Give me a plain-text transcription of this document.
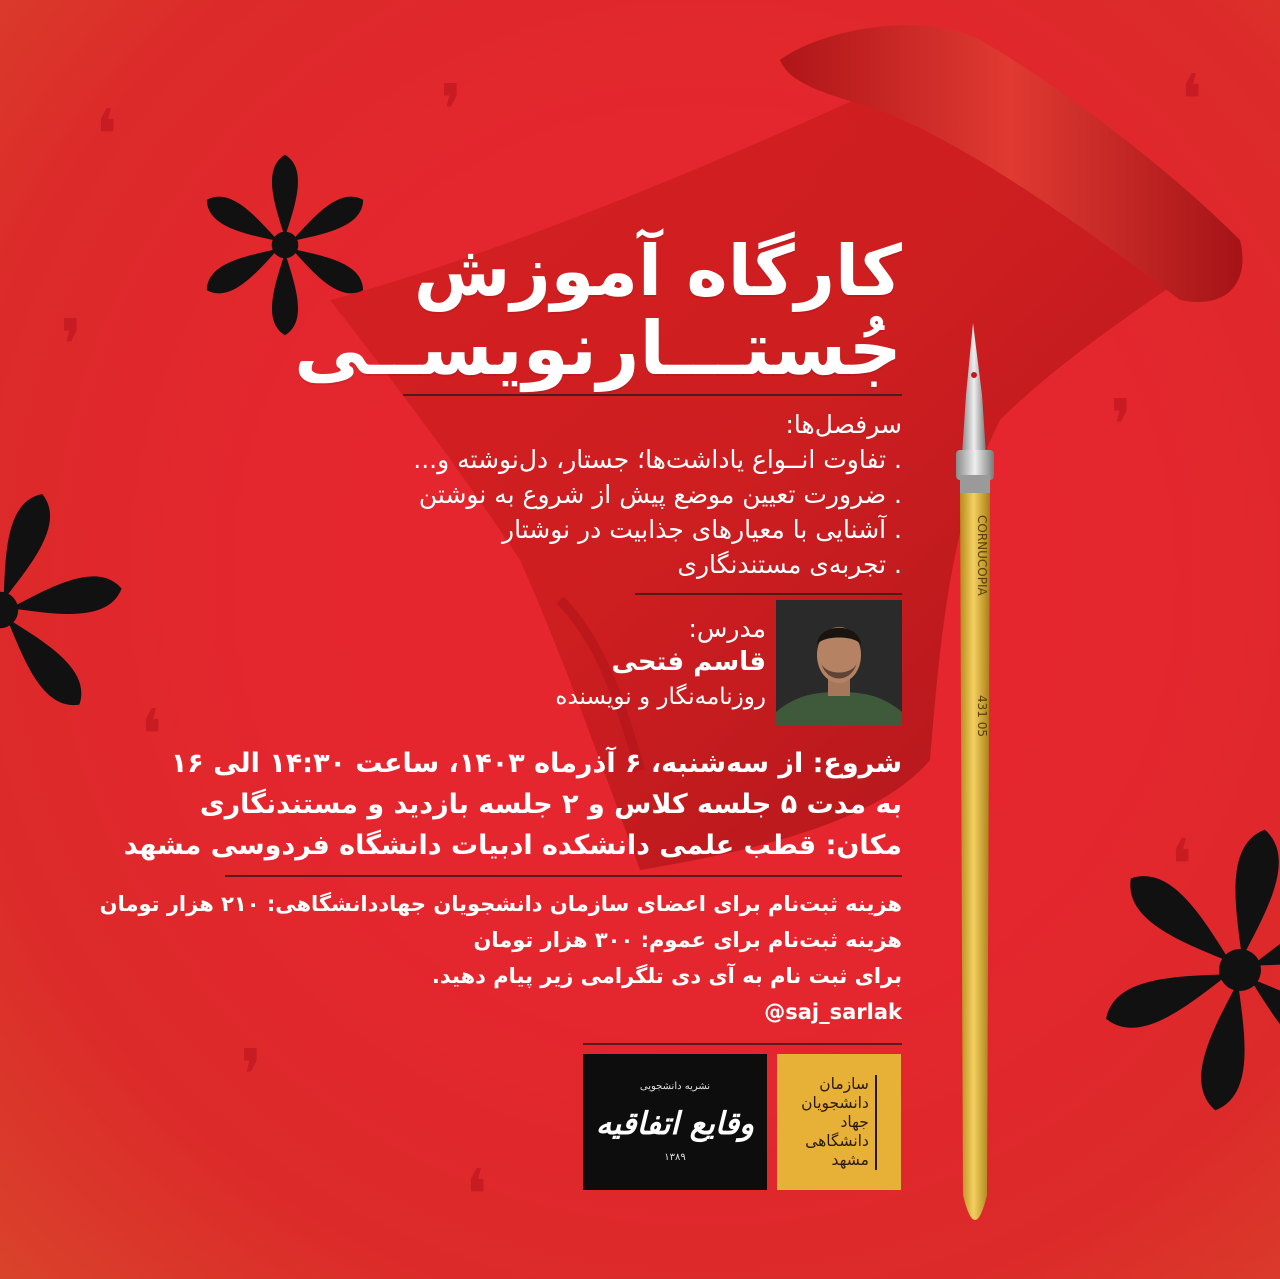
CORNUCOPIA
431 05
❛	❜	❛
❜
❜
❛
❛
❜
❛
کارگاه آموزش
جُستـــارنویســی
سرفصل‌ها:
. تفاوت انــواع یاداشت‌ها؛ جستار، دل‌نوشته و...
. ضرورت تعیین موضع پیش از شروع به نوشتن
. آشنایی با معیارهای جذابیت در نوشتار
. تجربه‌ی مستندنگاری
مدرس:
قاسم فتحی
روزنامه‌نگار و نویسنده
شروع: از سه‌شنبه، ۶ آذرماه ۱۴۰۳، ساعت ۱۴:۳۰ الی ۱۶
به مدت ۵ جلسه کلاس و ۲ جلسه بازدید و مستندنگاری
مکان: قطب علمی دانشکده ادبیات دانشگاه فردوسی مشهد
هزینه ثبت‌نام برای اعضای سازمان دانشجویان جهاددانشگاهی: ۲۱۰ هزار تومان
هزینه ثبت‌نام برای عموم: ۳۰۰ هزار تومان
برای ثبت نام به آی دی تلگرامی زیر پیام دهید.
@saj_sarlak
نشریه دانشجویی
وقایع اتفاقیه
۱۳۸۹
سازمان
دانشجویان
جهاد
دانشگاهی
مشهد
